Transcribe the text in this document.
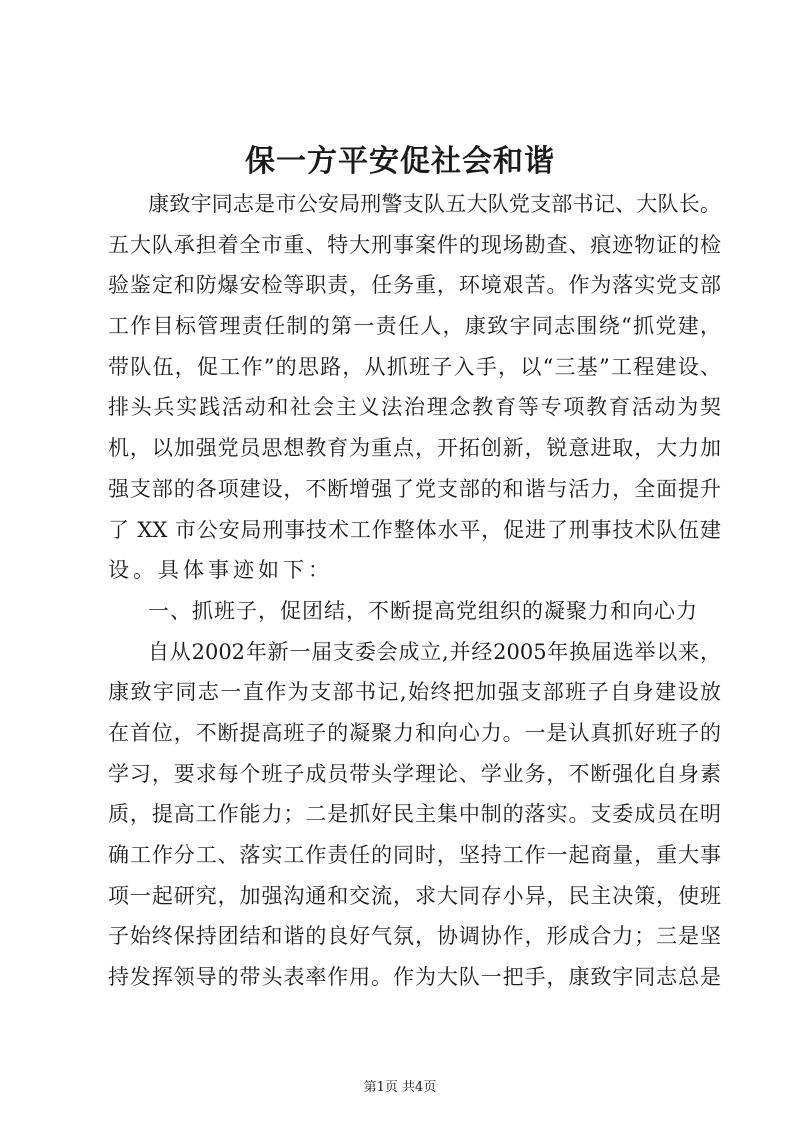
保一方平安促社会和谐
康致宇同志是市公安局刑警支队五大队党支部书记、大队长。
五大队承担着全市重、特大刑事案件的现场勘查、痕迹物证的检
验鉴定和防爆安检等职责，任务重，环境艰苦。作为落实党支部
工作目标管理责任制的第一责任人，康致宇同志围绕“抓党建，
带队伍，促工作”的思路，从抓班子入手，以“三基”工程建设、
排头兵实践活动和社会主义法治理念教育等专项教育活动为契
机，以加强党员思想教育为重点，开拓创新，锐意进取，大力加
强支部的各项建设，不断增强了党支部的和谐与活力，全面提升
了 XX 市公安局刑事技术工作整体水平，促进了刑事技术队伍建
设。具体事迹如下：
一、抓班子，促团结，不断提高党组织的凝聚力和向心力
自从2002年新一届支委会成立,并经2005年换届选举以来，
康致宇同志一直作为支部书记,始终把加强支部班子自身建设放
在首位，不断提高班子的凝聚力和向心力。一是认真抓好班子的
学习，要求每个班子成员带头学理论、学业务，不断强化自身素
质，提高工作能力；二是抓好民主集中制的落实。支委成员在明
确工作分工、落实工作责任的同时，坚持工作一起商量，重大事
项一起研究，加强沟通和交流，求大同存小异，民主决策，使班
子始终保持团结和谐的良好气氛，协调协作，形成合力；三是坚
持发挥领导的带头表率作用。作为大队一把手，康致宇同志总是
第1页 共4页
